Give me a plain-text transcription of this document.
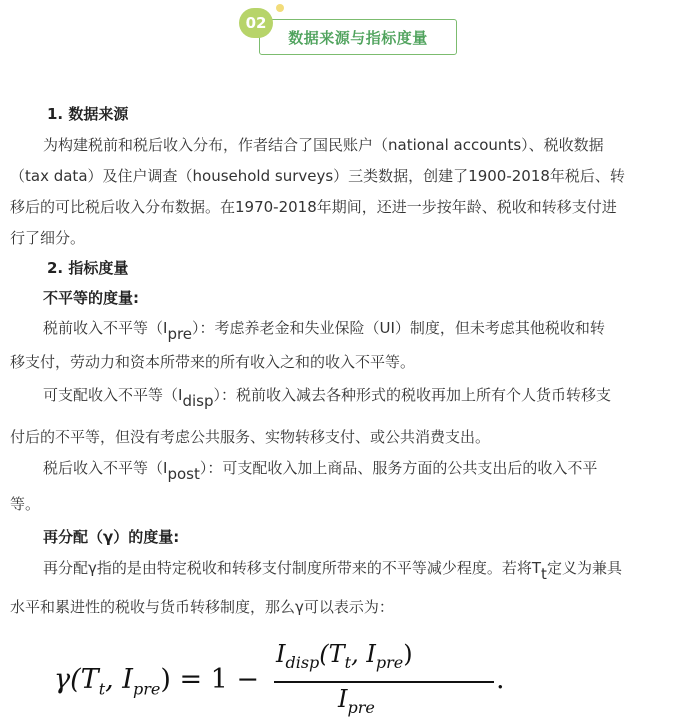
数据来源与指标度量
02
1. 数据来源
为构建税前和税后收入分布，作者结合了国民账户（national accounts）、税收数据
（tax data）及住户调查（household surveys）三类数据，创建了1900-2018年税后、转
移后的可比税后收入分布数据。在1970-2018年期间，还进一步按年龄、税收和转移支付进
行了细分。
2. 指标度量
不平等的度量:
税前收入不平等$(I_{pre})$：考虑养老金和失业保险（UI）制度，但未考虑其他税收和转
移支付，劳动力和资本所带来的所有收入之和的收入不平等。
可支配收入不平等$(I_{disp})$：税前收入减去各种形式的税收再加上所有个人货币转移支
付后的不平等，但没有考虑公共服务、实物转移支付、或公共消费支出。
税后收入不平等$(I_{post})$：可支配收入加上商品、服务方面的公共支出后的收入不平
等。
再分配（γ）的度量:
再分配γ指的是由特定税收和转移支付制度所带来的不平等减少程度。若将$T_t$定义为兼具
水平和累进性的税收与货币转移制度，那么γ可以表示为：
$\gamma(T_t$, $I_{pre}) = 1$ −
$I_{disp}(T_t$, $I_{pre}$)
$I_{pre}$
.
